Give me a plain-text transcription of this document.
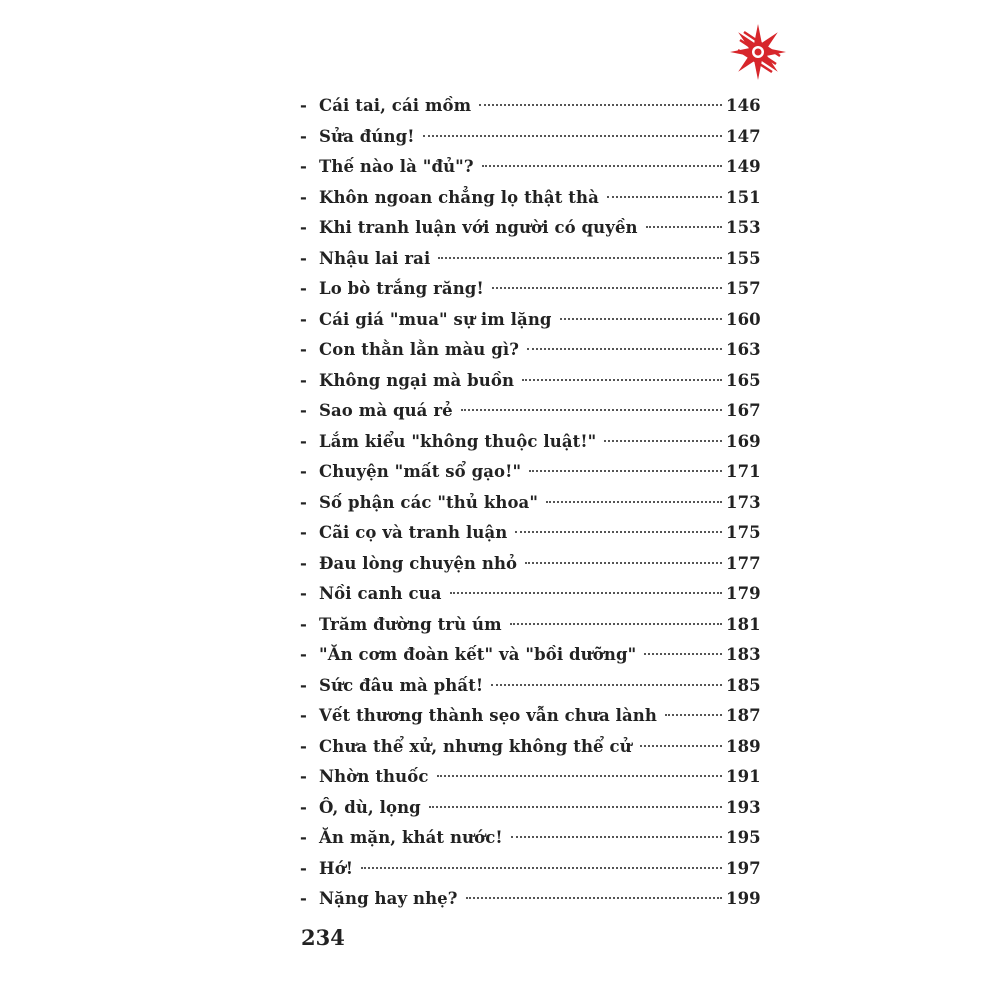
- Cái tai, cái mồm	146
- Sửa đúng!	147
- Thế nào là "đủ"?	149
- Khôn ngoan chẳng lọ thật thà	151
- Khi tranh luận với người có quyền	153
- Nhậu lai rai	155
- Lo bò trắng răng!	157
- Cái giá "mua" sự im lặng	160
- Con thằn lằn màu gì?	163
- Không ngại mà buồn	165
- Sao mà quá rẻ	167
- Lắm kiểu "không thuộc luật!"	169
- Chuyện "mất sổ gạo!"	171
- Số phận các "thủ khoa"	173
- Cãi cọ và tranh luận	175
- Đau lòng chuyện nhỏ	177
- Nồi canh cua	179
- Trăm đường trù úm	181
- "Ăn cơm đoàn kết" và "bồi dưỡng"	183
- Sức đâu mà phất!	185
- Vết thương thành sẹo vẫn chưa lành	187
- Chưa thể xử, nhưng không thể cử	189
- Nhờn thuốc	191
- Ô, dù, lọng	193
- Ăn mặn, khát nước!	195
- Hớ!	197
- Nặng hay nhẹ?	199
234
